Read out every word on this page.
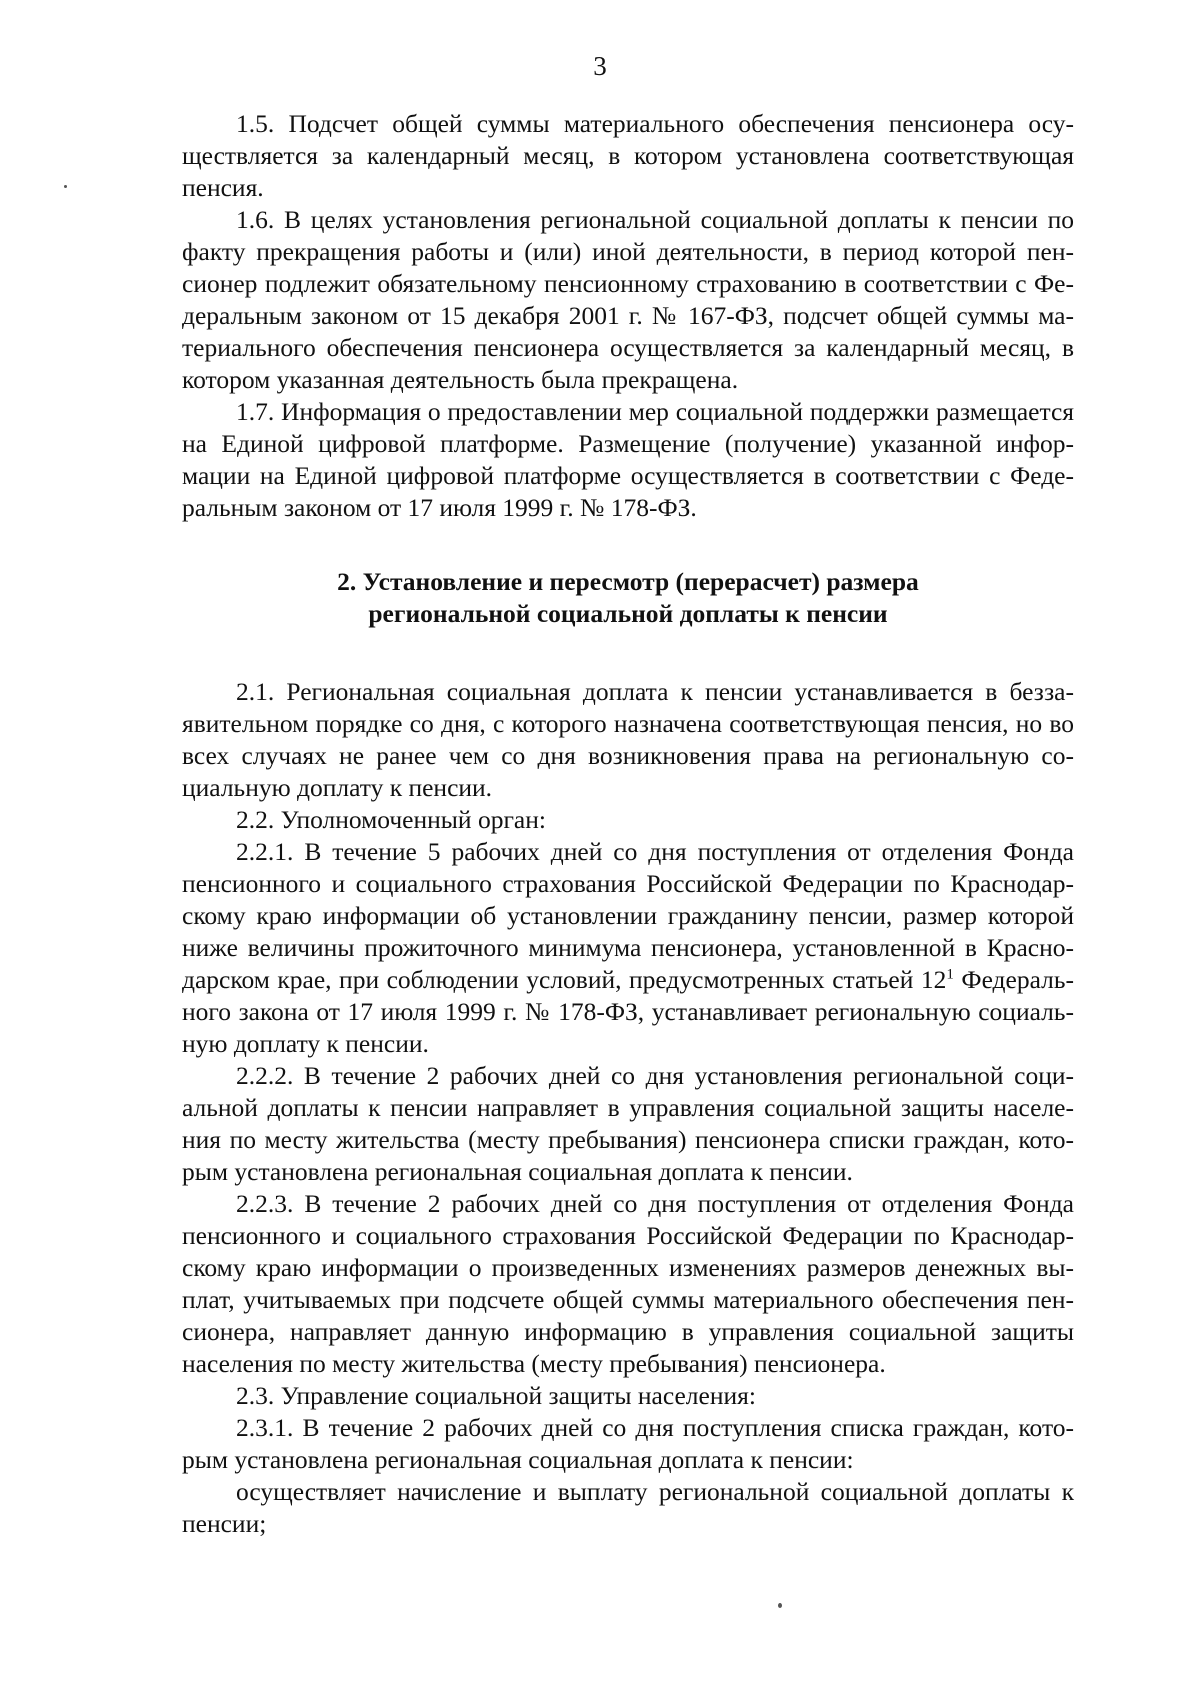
3

1.5. Подсчет общей суммы материального обеспечения пенсионера осуществляется за календарный месяц, в котором установлена соответствующая пенсия.

1.6. В целях установления региональной социальной доплаты к пенсии по факту прекращения работы и (или) иной деятельности, в период которой пенсионер подлежит обязательному пенсионному страхованию в соответствии с Федеральным законом от 15 декабря 2001 г. № 167-ФЗ, подсчет общей суммы материального обеспечения пенсионера осуществляется за календарный месяц, в котором указанная деятельность была прекращена.

1.7. Информация о предоставлении мер социальной поддержки размещается на Единой цифровой платформе. Размещение (получение) указанной информации на Единой цифровой платформе осуществляется в соответствии с Федеральным законом от 17 июля 1999 г. № 178-ФЗ.

2. Установление и пересмотр (перерасчет) размера
региональной социальной доплаты к пенсии

2.1. Региональная социальная доплата к пенсии устанавливается в беззаявительном порядке со дня, с которого назначена соответствующая пенсия, но во всех случаях не ранее чем со дня возникновения права на региональную социальную доплату к пенсии.

2.2. Уполномоченный орган:

2.2.1. В течение 5 рабочих дней со дня поступления от отделения Фонда пенсионного и социального страхования Российской Федерации по Краснодарскому краю информации об установлении гражданину пенсии, размер которой ниже величины прожиточного минимума пенсионера, установленной в Краснодарском крае, при соблюдении условий, предусмотренных статьей $12^1$ Федерального закона от 17 июля 1999 г. № 178-ФЗ, устанавливает региональную социальную доплату к пенсии.

2.2.2. В течение 2 рабочих дней со дня установления региональной социальной доплаты к пенсии направляет в управления социальной защиты населения по месту жительства (месту пребывания) пенсионера списки граждан, которым установлена региональная социальная доплата к пенсии.

2.2.3. В течение 2 рабочих дней со дня поступления от отделения Фонда пенсионного и социального страхования Российской Федерации по Краснодарскому краю информации о произведенных изменениях размеров денежных выплат, учитываемых при подсчете общей суммы материального обеспечения пенсионера, направляет данную информацию в управления социальной защиты населения по месту жительства (месту пребывания) пенсионера.

2.3. Управление социальной защиты населения:

2.3.1. В течение 2 рабочих дней со дня поступления списка граждан, которым установлена региональная социальная доплата к пенсии:

осуществляет начисление и выплату региональной социальной доплаты к пенсии;
